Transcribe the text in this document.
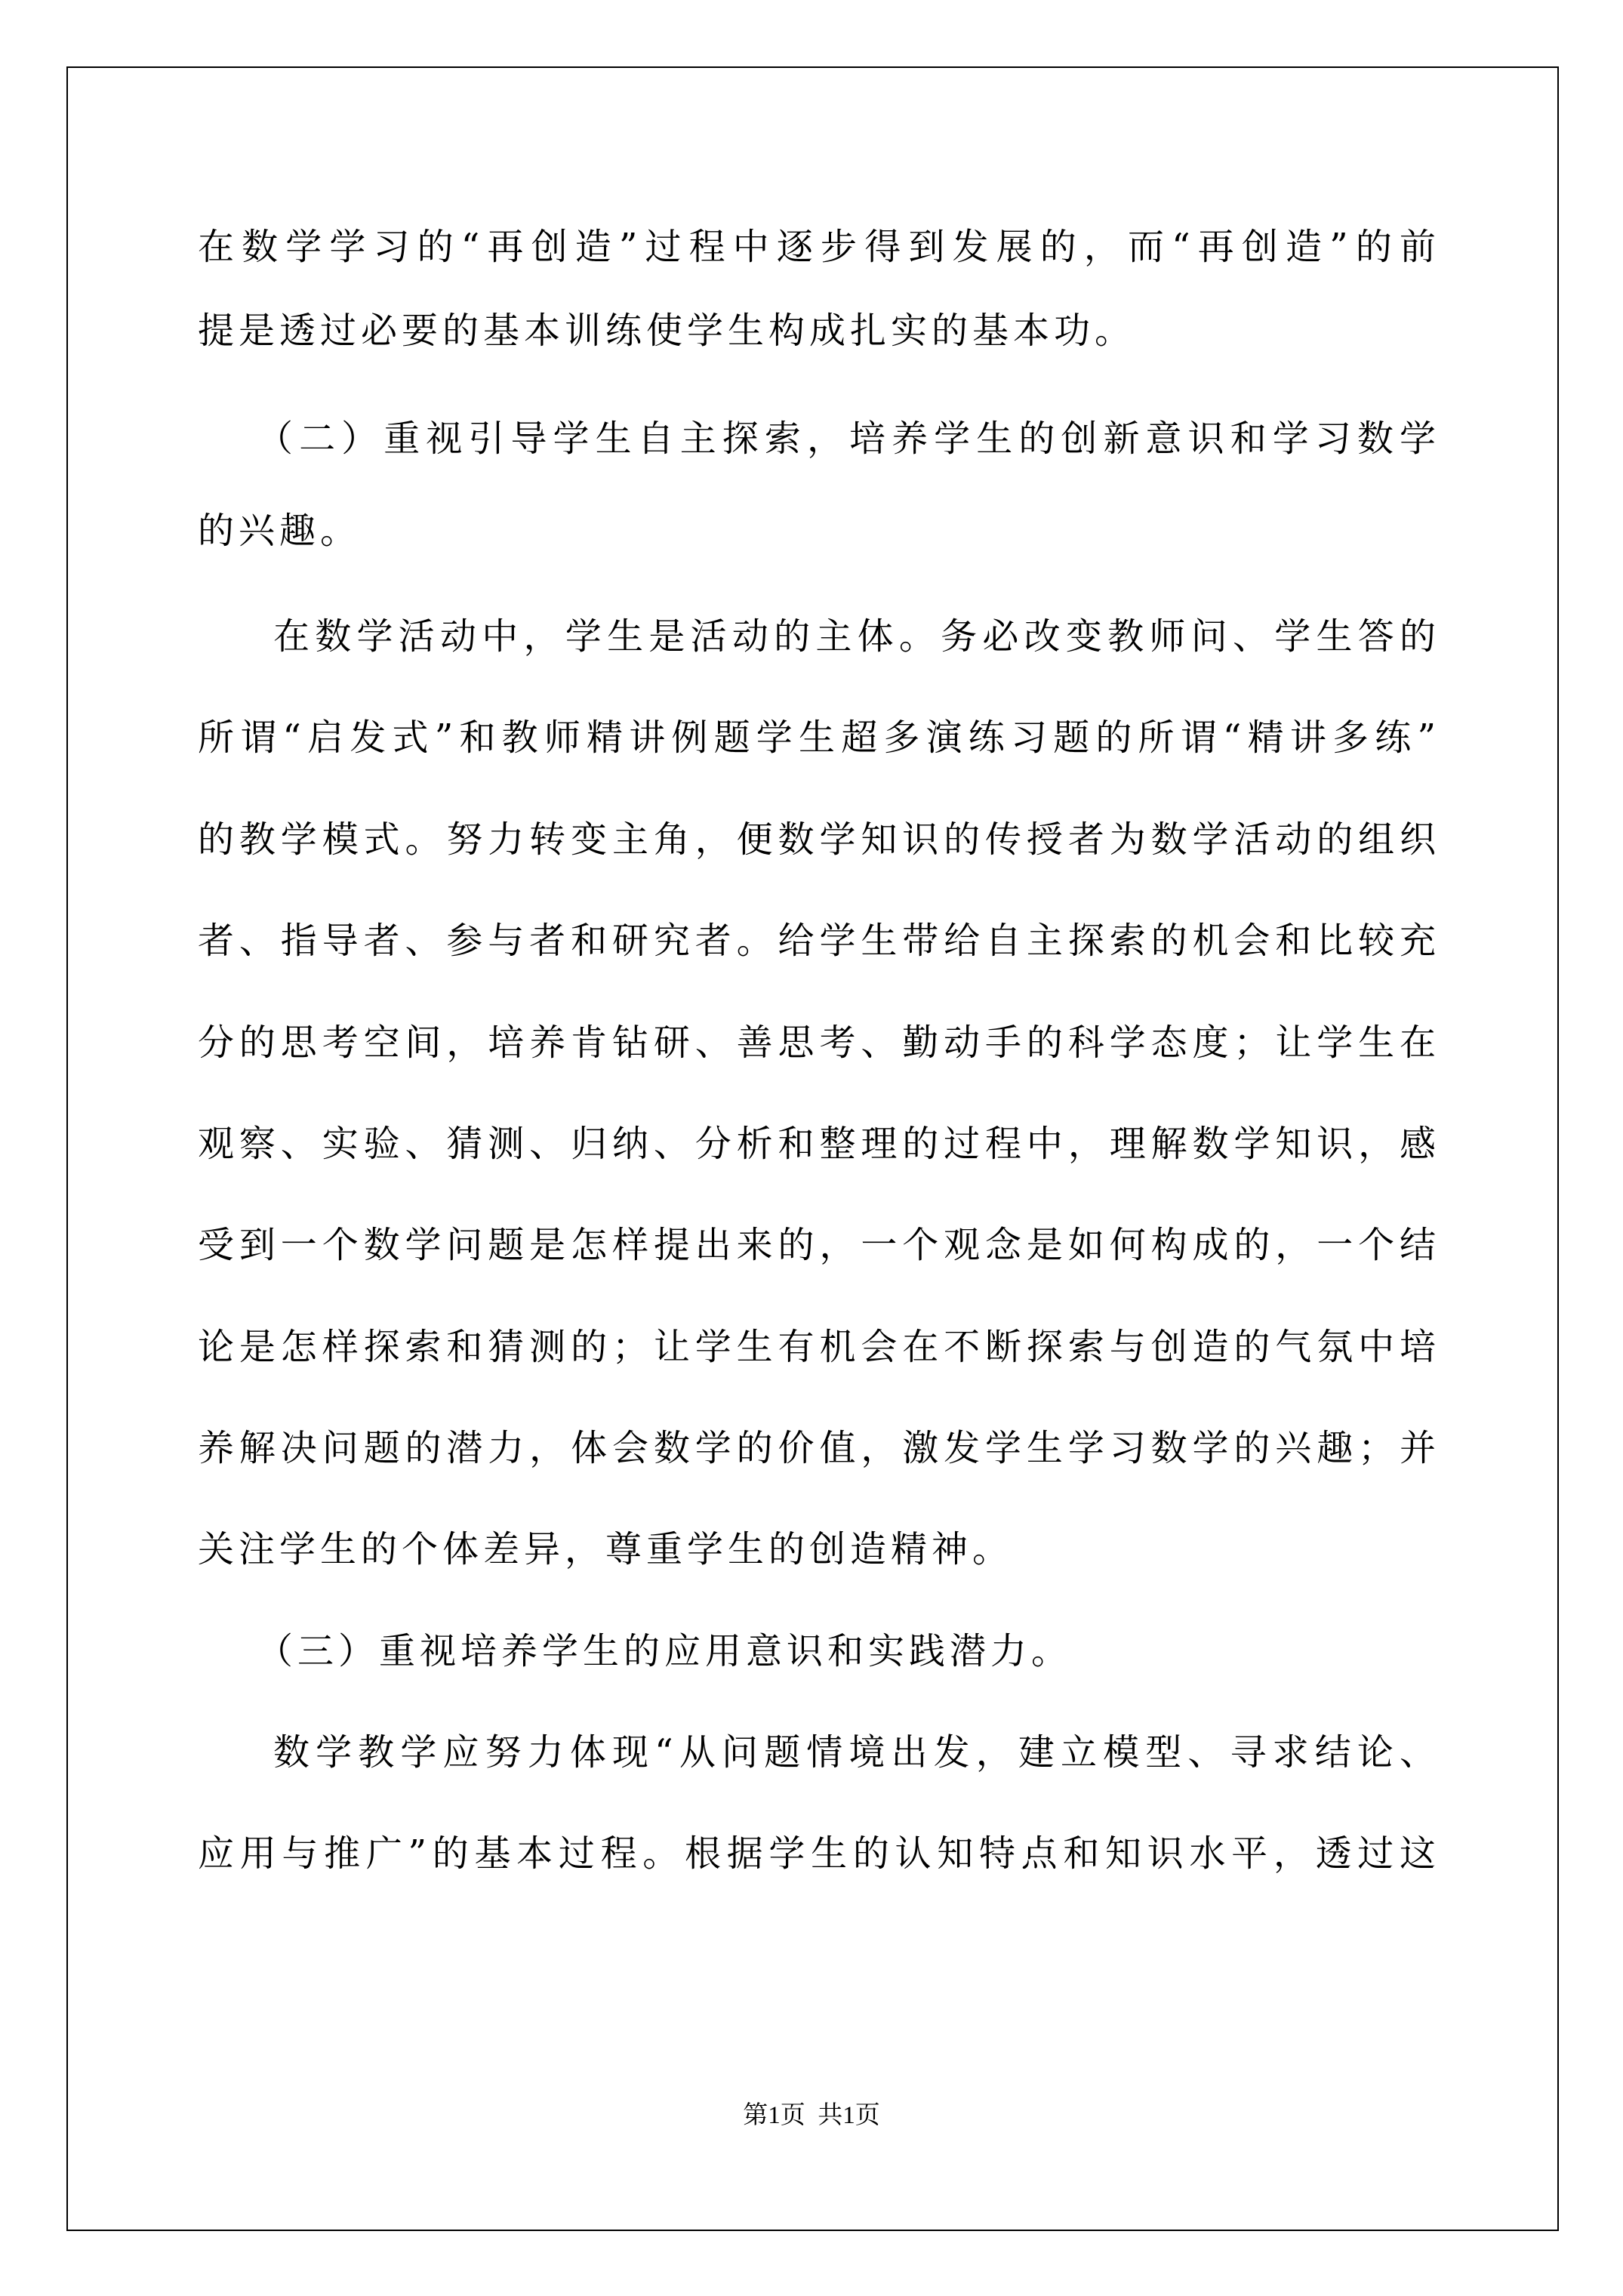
在数学学习的“再创造”过程中逐步得到发展的，而“再创造”的前
提是透过必要的基本训练使学生构成扎实的基本功。
（二）重视引导学生自主探索，培养学生的创新意识和学习数学
的兴趣。
在数学活动中，学生是活动的主体。务必改变教师问、学生答的
所谓“启发式”和教师精讲例题学生超多演练习题的所谓“精讲多练”
的教学模式。努力转变主角，便数学知识的传授者为数学活动的组织
者、指导者、参与者和研究者。给学生带给自主探索的机会和比较充
分的思考空间，培养肯钻研、善思考、勤动手的科学态度；让学生在
观察、实验、猜测、归纳、分析和整理的过程中，理解数学知识，感
受到一个数学问题是怎样提出来的，一个观念是如何构成的，一个结
论是怎样探索和猜测的；让学生有机会在不断探索与创造的气氛中培
养解决问题的潜力，体会数学的价值，激发学生学习数学的兴趣；并
关注学生的个体差异，尊重学生的创造精神。
（三）重视培养学生的应用意识和实践潜力。
数学教学应努力体现“从问题情境出发，建立模型、寻求结论、
应用与推广”的基本过程。根据学生的认知特点和知识水平，透过这
第1页  共1页
